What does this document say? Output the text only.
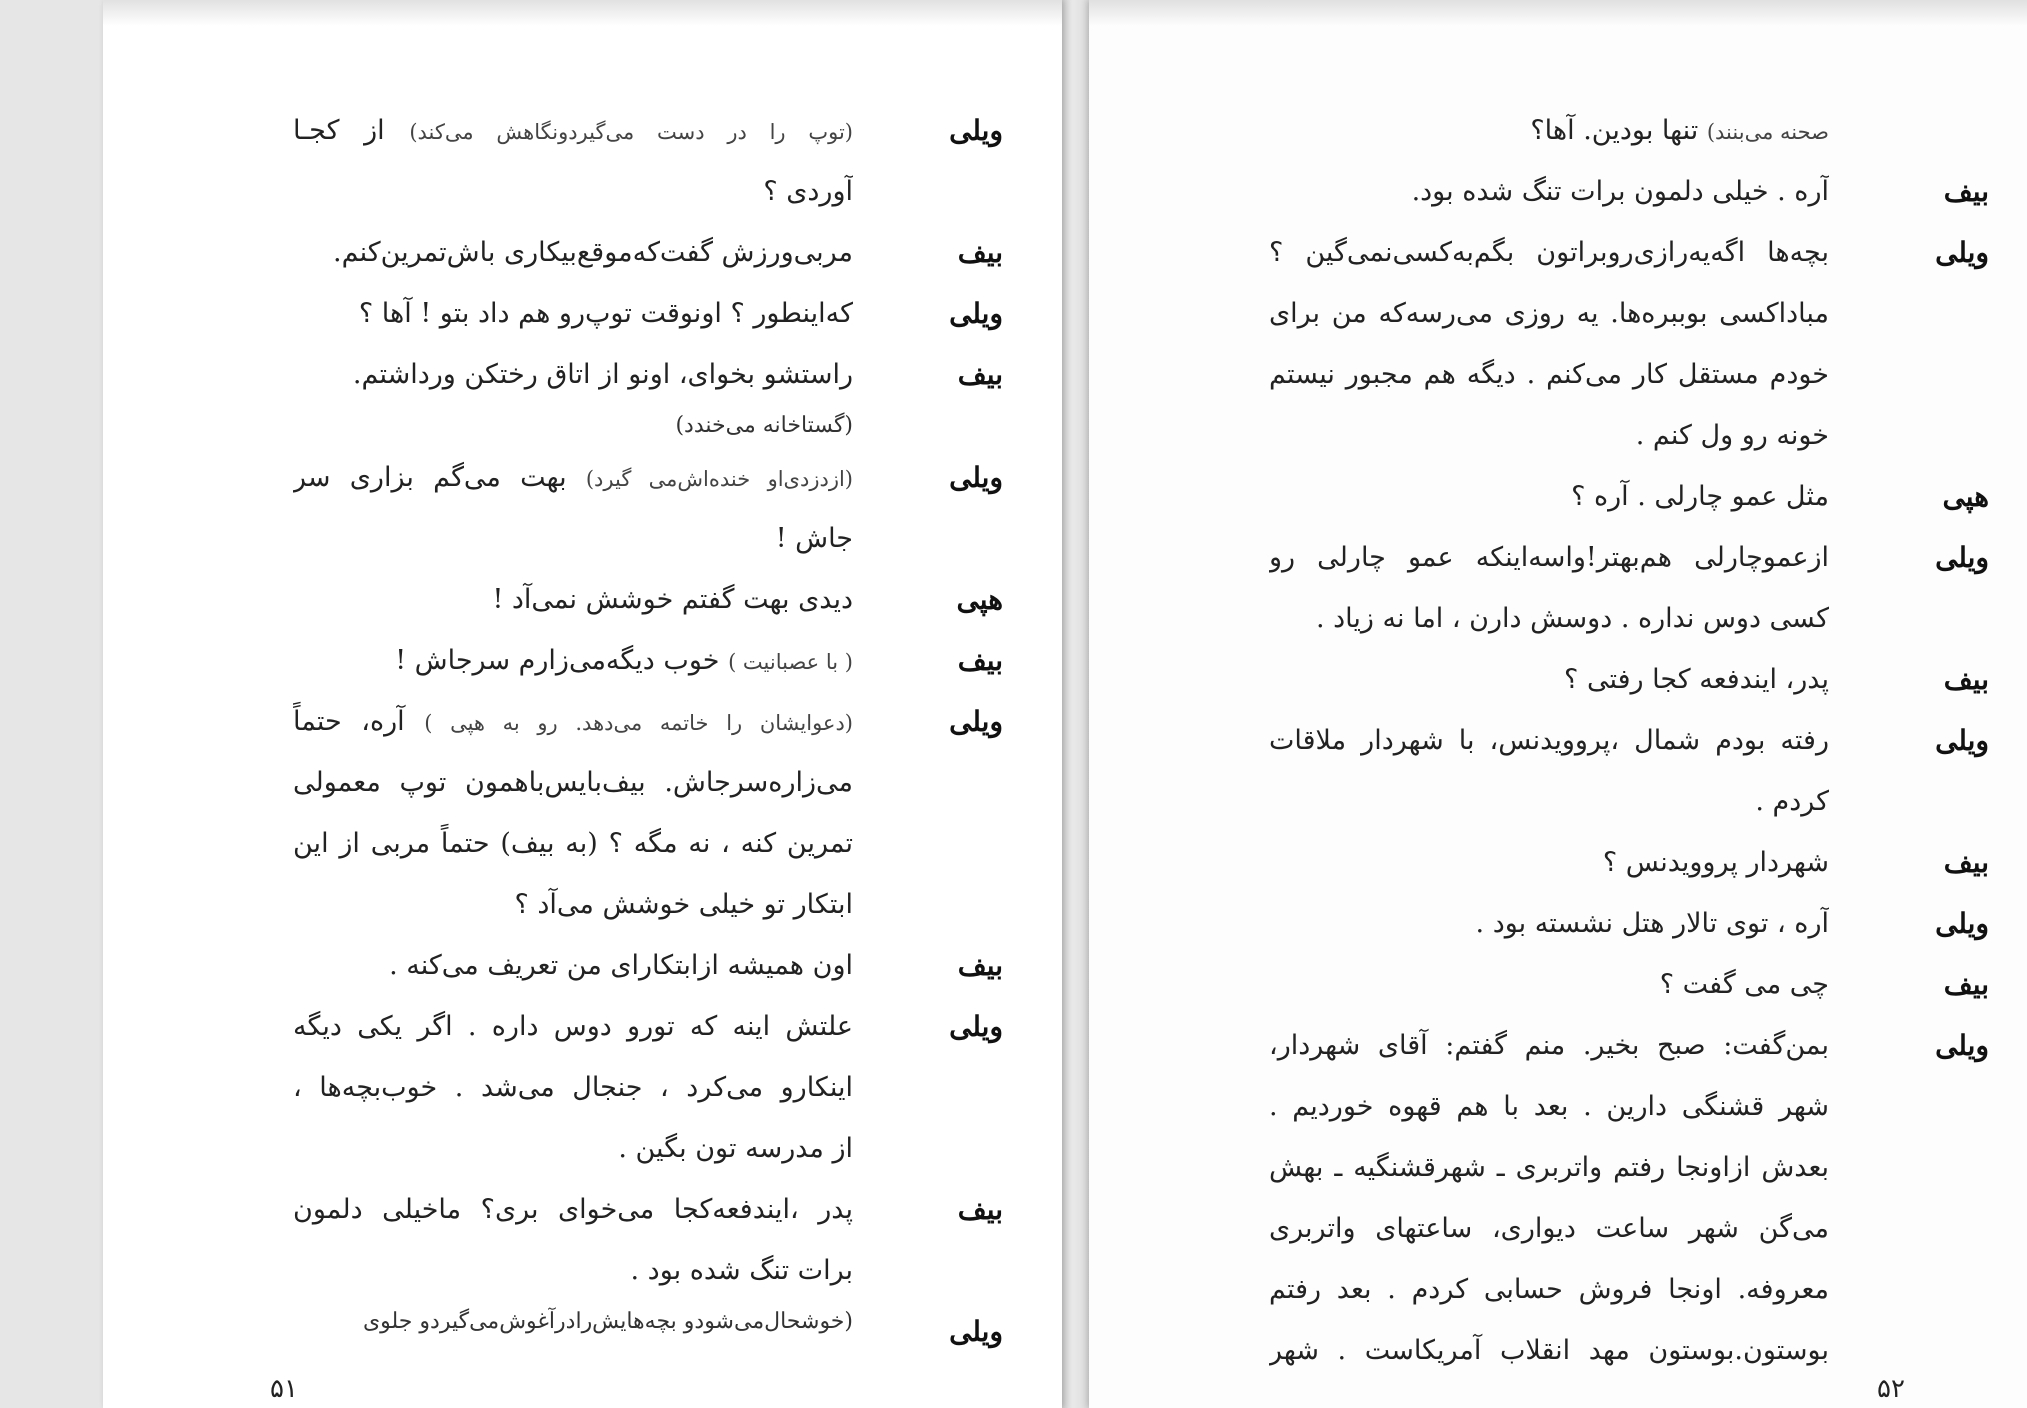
ویلی
(توپ را در دست می‌گیردونگاهش می‌کند) از کجـا
آوردی ؟
بیف
مربی‌ورزش گفت‌که‌موقع‌بیکاری باش‌تمرین‌کنم.
ویلی
که‌اینطور ؟ اونوقت توپ‌رو هم داد بتو ! آها ؟
بیف
راستشو بخوای، اونو از اتاق رختکن ورداشتم.
(گستاخانه می‌خندد)
ویلی
(ازدزدی‌او خنده‌اش‌می گیرد) بهت می‌گم بزاری سر
جاش !
هپی
دیدی بهت گفتم خوشش نمی‌آد !
بیف
( با عصبانیت ) خوب دیگه‌می‌زارم سرجاش !
ویلی
(دعوایشان را خاتمه می‌دهد. رو به هپی ) آره، حتماً
می‌زاره‌سرجاش. بیف‌بایس‌باهمون توپ معمولی
تمرین کنه ، نه مگه ؟ (به بیف) حتماً مربی از این
ابتکار تو خیلی خوشش می‌آد ؟
بیف
اون همیشه ازابتکارای من تعریف می‌کنه .
ویلی
علتش اینه که تورو دوس داره . اگر یکی دیگه
اینکارو می‌کرد ، جنجال می‌شد . خوب‌بچه‌ها ،
از مدرسه تون بگین .
بیف
پدر ،ایندفعه‌کجا می‌خوای بری؟ ماخیلی دلمون
برات تنگ شده بود .
ویلی
(خوشحال‌می‌شودو بچه‌هایش‌رادرآغوش‌می‌گیردو جلوی
۵۱
صحنه می‌بنند) تنها بودین. آها؟
بیف
آره . خیلی دلمون برات تنگ شده بود.
ویلی
بچه‌ها اگه‌یه‌رازی‌روبراتون بگم‌به‌کسی‌نمی‌گین ؟
مباداکسی بوببره‌ها. یه روزی می‌رسه‌که من برای
خودم مستقل کار می‌کنم . دیگه هم مجبور نیستم
خونه رو ول کنم .
هپی
مثل عمو چارلی . آره ؟
ویلی
ازعموچارلی هم‌بهتر!واسه‌اینکه عمو چارلی رو
کسی دوس نداره . دوسش دارن ، اما نه زیاد .
بیف
پدر، ایندفعه کجا رفتی ؟
ویلی
رفته بودم شمال ،پروویدنس، با شهردار ملاقات
کردم .
بیف
شهردار پروویدنس ؟
ویلی
آره ، توی تالار هتل نشسته بود .
بیف
چی می گفت ؟
ویلی
بمن‌گفت: صبح بخیر. منم گفتم: آقای شهردار،
شهر قشنگی دارین . بعد با هم قهوه خوردیم .
بعدش ازاونجا رفتم واتربری ـ شهرقشنگیه ـ بهش
می‌گن شهر ساعت دیواری، ساعتهای واتربری
معروفه. اونجا فروش حسابی کردم . بعد رفتم
بوستون.بوستون مهد انقلاب آمریکاست . شهر
۵۲
